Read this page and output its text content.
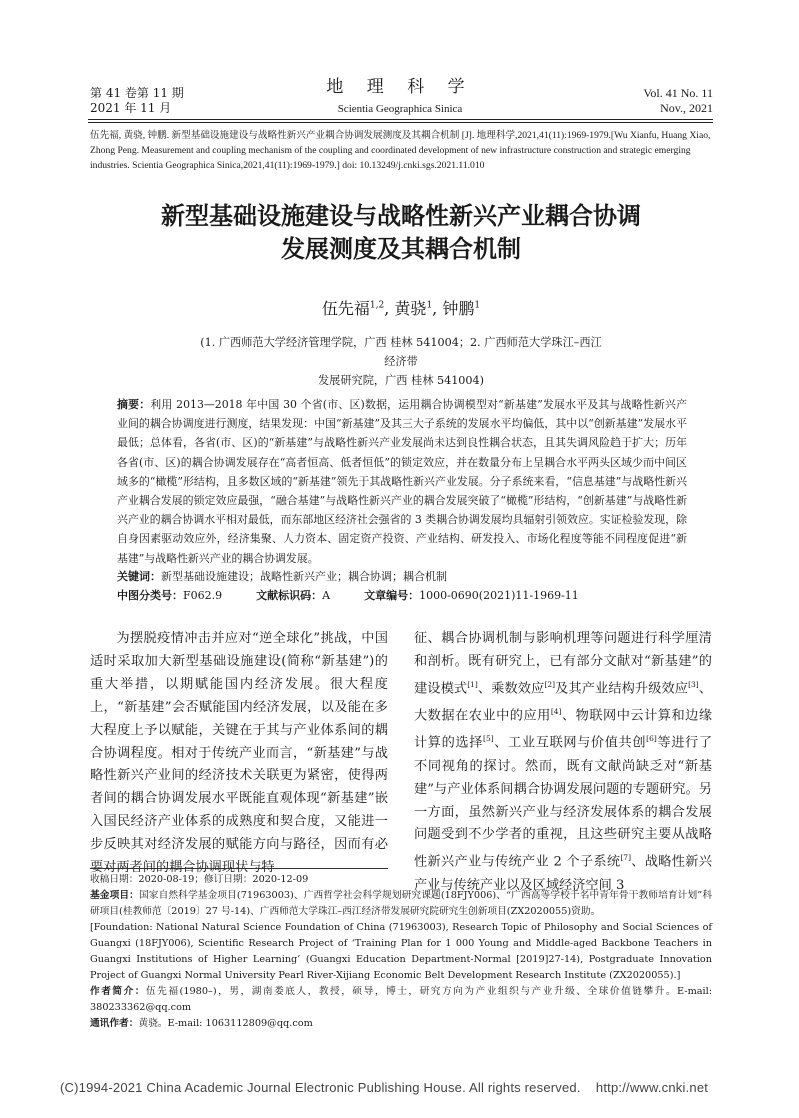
第 41 卷第 11 期
2021 年 11 月
地 理 科 学
Scientia Geographica Sinica
Vol. 41 No. 11
Nov., 2021
伍先福, 黄骁, 钟鹏. 新型基础设施建设与战略性新兴产业耦合协调发展测度及其耦合机制 [J]. 地理科学,2021,41(11):1969-1979.[Wu Xianfu, Huang Xiao, Zhong Peng. Measurement and coupling mechanism of the coupling and coordinated development of new infrastructure construction and strategic emerging industries. Scientia Geographica Sinica,2021,41(11):1969-1979.] doi: 10.13249/j.cnki.sgs.2021.11.010
新型基础设施建设与战略性新兴产业耦合协调
发展测度及其耦合机制
伍先福$^{1,2}$, 黄骁$^1$, 钟鹏$^1$
(1. 广西师范大学经济管理学院，广西 桂林 541004；2. 广西师范大学珠江–西江经济带
发展研究院，广西 桂林 541004)
摘要：利用 2013—2018 年中国 30 个省(市、区)数据，运用耦合协调模型对“新基建”发展水平及其与战略性新兴产业间的耦合协调度进行测度，结果发现：中国“新基建”及其三大子系统的发展水平均偏低，其中以“创新基建”发展水平最低；总体看，各省(市、区)的“新基建”与战略性新兴产业发展尚未达到良性耦合状态，且其失调风险趋于扩大；历年各省(市、区)的耦合协调发展存在“高者恒高、低者恒低”的锁定效应，并在数量分布上呈耦合水平两头区域少而中间区域多的“橄榄”形结构，且多数区域的“新基建”领先于其战略性新兴产业发展。分子系统来看，“信息基建”与战略性新兴产业耦合发展的锁定效应最强，“融合基建”与战略性新兴产业的耦合发展突破了“橄榄”形结构，“创新基建”与战略性新兴产业的耦合协调水平相对最低，而东部地区经济社会强省的 3 类耦合协调发展均具辐射引领效应。实证检验发现，除自身因素驱动效应外，经济集聚、人力资本、固定资产投资、产业结构、研发投入、市场化程度等能不同程度促进“新基建”与战略性新兴产业的耦合协调发展。
关键词：新型基础设施建设；战略性新兴产业；耦合协调；耦合机制
中图分类号：F062.9	文献标识码：A	文章编号：1000-0690(2021)11-1969-11

为摆脱疫情冲击并应对“逆全球化”挑战，中国适时采取加大新型基础设施建设(简称“新基建”)的重大举措，以期赋能国内经济发展。很大程度上，“新基建”会否赋能国内经济发展，以及能在多大程度上予以赋能，关键在于其与产业体系间的耦合协调程度。相对于传统产业而言，“新基建”与战略性新兴产业间的经济技术关联更为紧密，使得两者间的耦合协调发展水平既能直观体现“新基建”嵌入国民经济产业体系的成熟度和契合度，又能进一步反映其对经济发展的赋能方向与路径，因而有必要对两者间的耦合协调现状与特

征、耦合协调机制与影响机理等问题进行科学厘清和剖析。既有研究上，已有部分文献对“新基建”的建设模式[1]、乘数效应[2]及其产业结构升级效应[3]、大数据在农业中的应用[4]、物联网中云计算和边缘计算的选择[5]、工业互联网与价值共创[6]等进行了不同视角的探讨。然而，既有文献尚缺乏对“新基建”与产业体系间耦合协调发展问题的专题研究。另一方面，虽然新兴产业与经济发展体系的耦合发展问题受到不少学者的重视，且这些研究主要从战略性新兴产业与传统产业 2 个子系统[7]、战略性新兴产业与传统产业以及区域经济空间 3

收稿日期：2020-08-19；修订日期：2020-12-09

基金项目：国家自然科学基金项目(71963003)、广西哲学社会科学规划研究课题(18FJY006)、“广西高等学校千名中青年骨干教师培育计划”科研项目(桂教师范〔2019〕27 号-14)、广西师范大学珠江–西江经济带发展研究院研究生创新项目(ZX2020055)资助。

[Foundation: National Natural Science Foundation of China (71963003), Research Topic of Philosophy and Social Sciences of Guangxi (18FJY006), Scientific Research Project of ‘Training Plan for 1 000 Young and Middle-aged Backbone Teachers in Guangxi Institutions of Higher Learning’ (Guangxi Education Department-Normal [2019]27-14), Postgraduate Innovation Project of Guangxi Normal University Pearl River-Xijiang Economic Belt Development Research Institute (ZX2020055).]

作者简介：伍先福(1980–)，男，湖南娄底人，教授，硕导，博士，研究方向为产业组织与产业升级、全球价值链攀升。E-mail: 380233362@qq.com

通讯作者：黄骁。E-mail: 1063112809@qq.com

(C)1994-2021 China Academic Journal Electronic Publishing House. All rights reserved.    http://www.cnki.net
